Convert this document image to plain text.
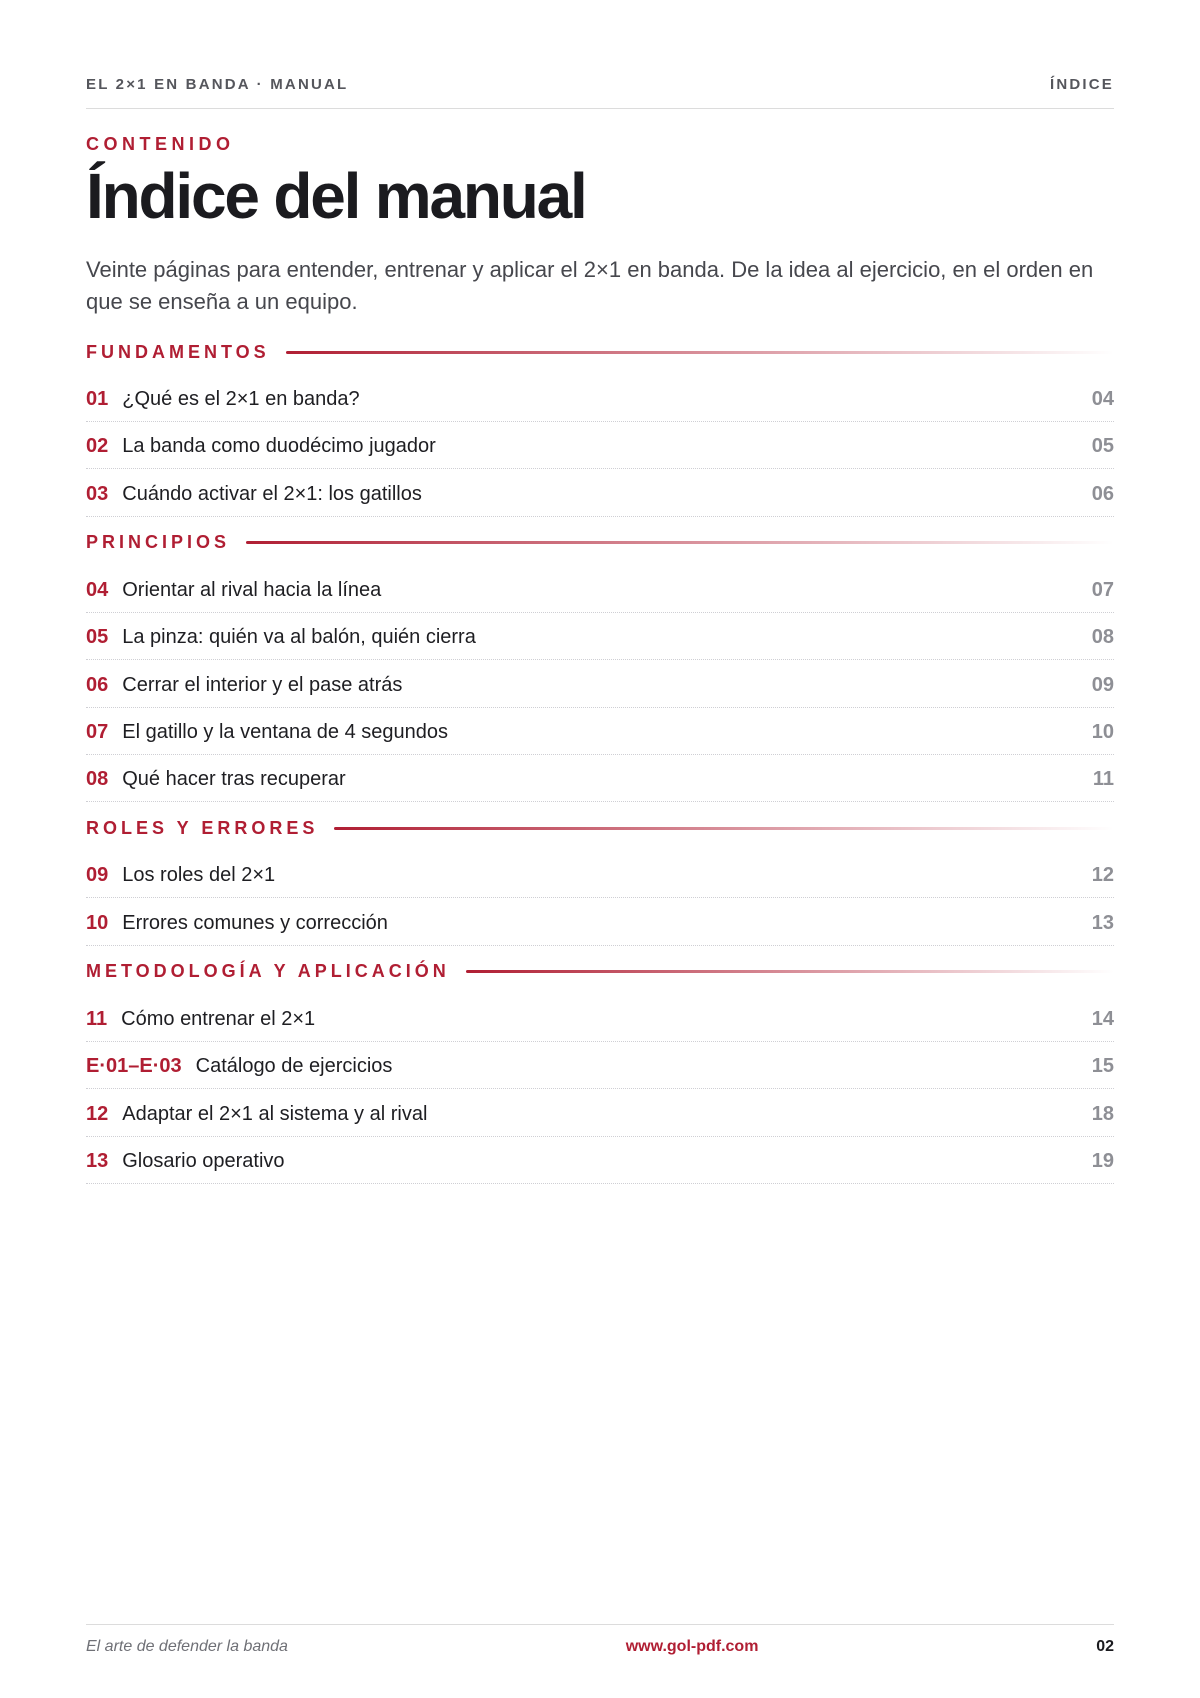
EL 2×1 EN BANDA · MANUAL	ÍNDICE
CONTENIDO
Índice del manual

Veinte páginas para entender, entrenar y aplicar el 2×1 en banda. De la idea al ejercicio, en el orden en que se enseña a un equipo.

FUNDAMENTOS
01 ¿Qué es el 2×1 en banda?	04
02 La banda como duodécimo jugador	05
03 Cuándo activar el 2×1: los gatillos	06
PRINCIPIOS
04 Orientar al rival hacia la línea	07
05 La pinza: quién va al balón, quién cierra	08
06 Cerrar el interior y el pase atrás	09
07 El gatillo y la ventana de 4 segundos	10
08 Qué hacer tras recuperar	11
ROLES Y ERRORES
09 Los roles del 2×1	12
10 Errores comunes y corrección	13
METODOLOGÍA Y APLICACIÓN
11 Cómo entrenar el 2×1	14
E·01–E·03 Catálogo de ejercicios	15
12 Adaptar el 2×1 al sistema y al rival	18
13 Glosario operativo	19
El arte de defender la banda	www.gol-pdf.com	02
